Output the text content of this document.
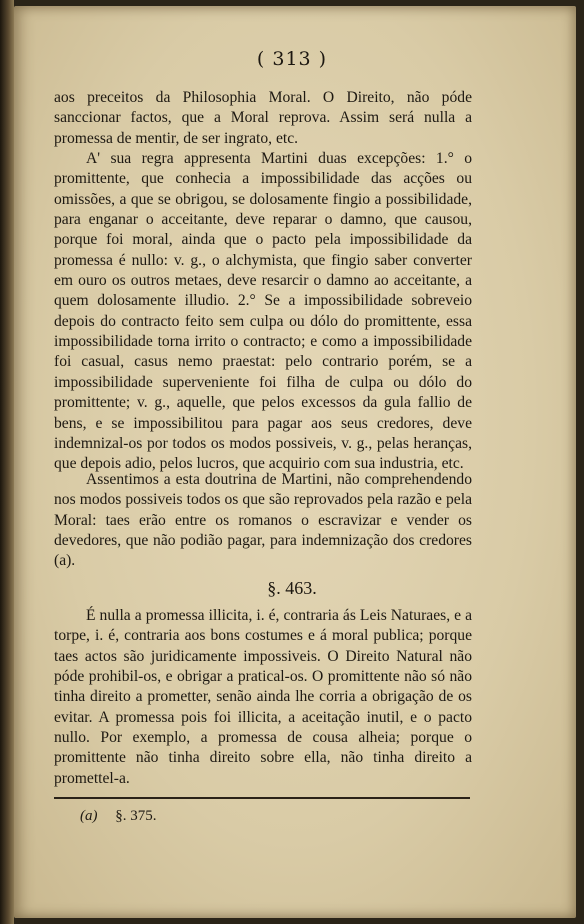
( 313 )

aos preceitos da Philosophia Moral. O Direito, não póde sanccionar factos, que a Moral reprova. Assim será nulla a promessa de mentir, de ser ingrato, etc.

A' sua regra appresenta Martini duas excepções: 1.° o promittente, que conhecia a impossibilidade das acções ou omissões, a que se obrigou, se dolosamente fingio a possibilidade, para enganar o acceitante, deve reparar o damno, que causou, porque foi moral, ainda que o pacto pela impossibilidade da promessa é nullo: v. g., o alchymista, que fingio saber converter em ouro os outros metaes, deve resarcir o damno ao acceitante, a quem dolosamente illudio. 2.° Se a impossibilidade sobreveio depois do contracto feito sem culpa ou dólo do promittente, essa impossibilidade torna irrito o contracto; e como a impossibilidade foi casual, casus nemo praestat: pelo contrario porém, se a impossibilidade superveniente foi filha de culpa ou dólo do promittente; v. g., aquelle, que pelos excessos da gula fallio de bens, e se impossibilitou para pagar aos seus credores, deve indemnizal-os por todos os modos possiveis, v. g., pelas heranças, que depois adio, pelos lucros, que acquirio com sua industria, etc.

Assentimos a esta doutrina de Martini, não comprehendendo nos modos possiveis todos os que são reprovados pela razão e pela Moral: taes erão entre os romanos o escravizar e vender os devedores, que não podião pagar, para indemnização dos credores (a).

§. 463.

É nulla a promessa illicita, i. é, contraria ás Leis Naturaes, e a torpe, i. é, contraria aos bons costumes e á moral publica; porque taes actos são juridicamente impossiveis. O Direito Natural não póde prohibil-os, e obrigar a pratical-os. O promittente não só não tinha direito a prometter, senão ainda lhe corria a obrigação de os evitar. A promessa pois foi illicita, a aceitação inutil, e o pacto nullo. Por exemplo, a promessa de cousa alheia; porque o promittente não tinha direito sobre ella, não tinha direito a promettel-a.

(a) §. 375.
